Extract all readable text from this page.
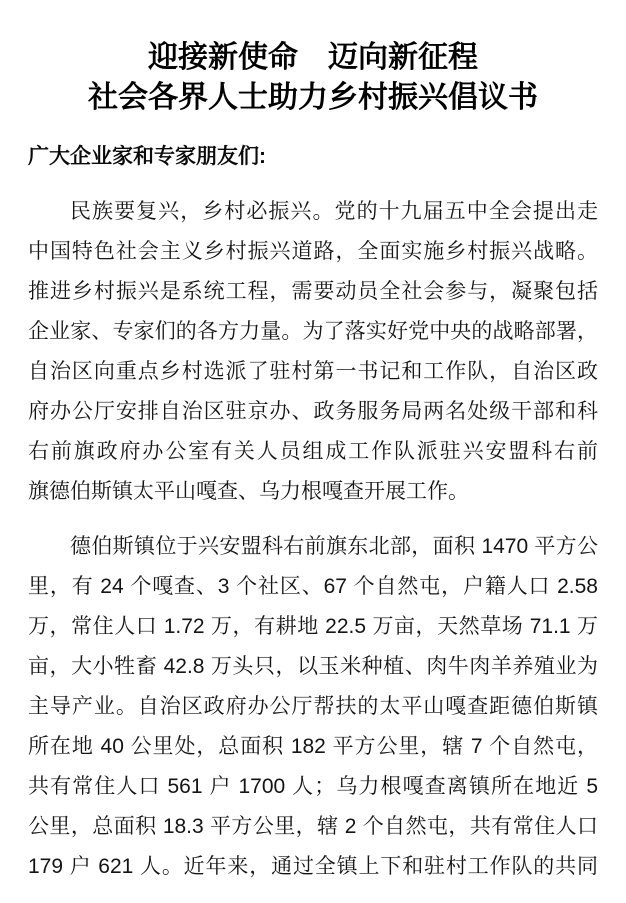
迎接新使命　迈向新征程
社会各界人士助力乡村振兴倡议书
广大企业家和专家朋友们:
民族要复兴，乡村必振兴。党的十九届五中全会提出走
中国特色社会主义乡村振兴道路，全面实施乡村振兴战略。
推进乡村振兴是系统工程，需要动员全社会参与，凝聚包括
企业家、专家们的各方力量。为了落实好党中央的战略部署，
自治区向重点乡村选派了驻村第一书记和工作队，自治区政
府办公厅安排自治区驻京办、政务服务局两名处级干部和科
右前旗政府办公室有关人员组成工作队派驻兴安盟科右前
旗德伯斯镇太平山嘎查、乌力根嘎查开展工作。
德伯斯镇位于兴安盟科右前旗东北部，面积 1470 平方公
里，有 24 个嘎查、3 个社区、67 个自然屯，户籍人口 2.58
万，常住人口 1.72 万，有耕地 22.5 万亩，天然草场 71.1 万
亩，大小牲畜 42.8 万头只，以玉米种植、肉牛肉羊养殖业为
主导产业。自治区政府办公厅帮扶的太平山嘎查距德伯斯镇
所在地 40 公里处，总面积 182 平方公里，辖 7 个自然屯，
共有常住人口 561 户 1700 人；乌力根嘎查离镇所在地近 5
公里，总面积 18.3 平方公里，辖 2 个自然屯，共有常住人口
179 户 621 人。近年来，通过全镇上下和驻村工作队的共同
